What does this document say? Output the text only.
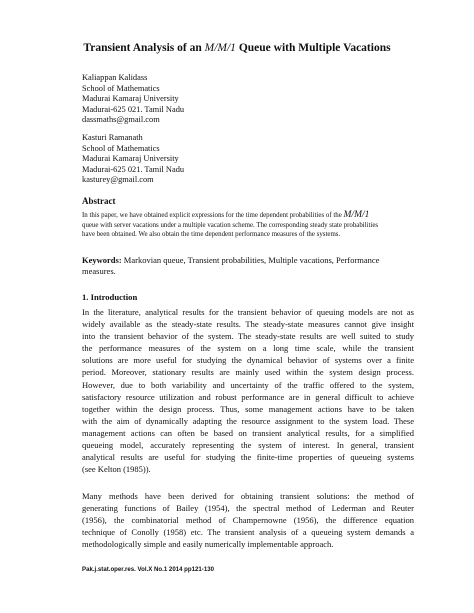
Transient Analysis of an M/M/1 Queue with Multiple Vacations
Kaliappan Kalidass
School of Mathematics
Madurai Kamaraj University
Madurai-625 021. Tamil Nadu
dassmaths@gmail.com
Kasturi Ramanath
School of Mathematics
Madurai Kamaraj University
Madurai-625 021. Tamil Nadu
kasturey@gmail.com
Abstract
In this paper, we have obtained explicit expressions for the time dependent probabilities of the M/M/1
queue with server vacations under a multiple vacation scheme. The corresponding steady state probabilities
have been obtained. We also obtain the time dependent performance measures of the systems.
Keywords: Markovian queue, Transient probabilities, Multiple vacations, Performance
measures.
1. Introduction
In the literature, analytical results for the transient behavior of queuing models are not as
widely available as the steady-state results. The steady-state measures cannot give insight
into the transient behavior of the system. The steady-state results are well suited to study
the performance measures of the system on a long time scale, while the transient
solutions are more useful for studying the dynamical behavior of systems over a finite
period. Moreover, stationary results are mainly used within the system design process.
However, due to both variability and uncertainty of the traffic offered to the system,
satisfactory resource utilization and robust performance are in general difficult to achieve
together within the design process. Thus, some management actions have to be taken
with the aim of dynamically adapting the resource assignment to the system load. These
management actions can often be based on transient analytical results, for a simplified
queueing model, accurately representing the system of interest. In general, transient
analytical results are useful for studying the finite-time properties of queueing systems
(see Kelton (1985)).
Many methods have been derived for obtaining transient solutions: the method of
generating functions of Bailey (1954), the spectral method of Lederman and Reuter
(1956), the combinatorial method of Champernowne (1956), the difference equation
technique of Conolly (1958) etc. The transient analysis of a queueing system demands a
methodologically simple and easily numerically implementable approach.
Pak.j.stat.oper.res. Vol.X No.1 2014 pp121-130
